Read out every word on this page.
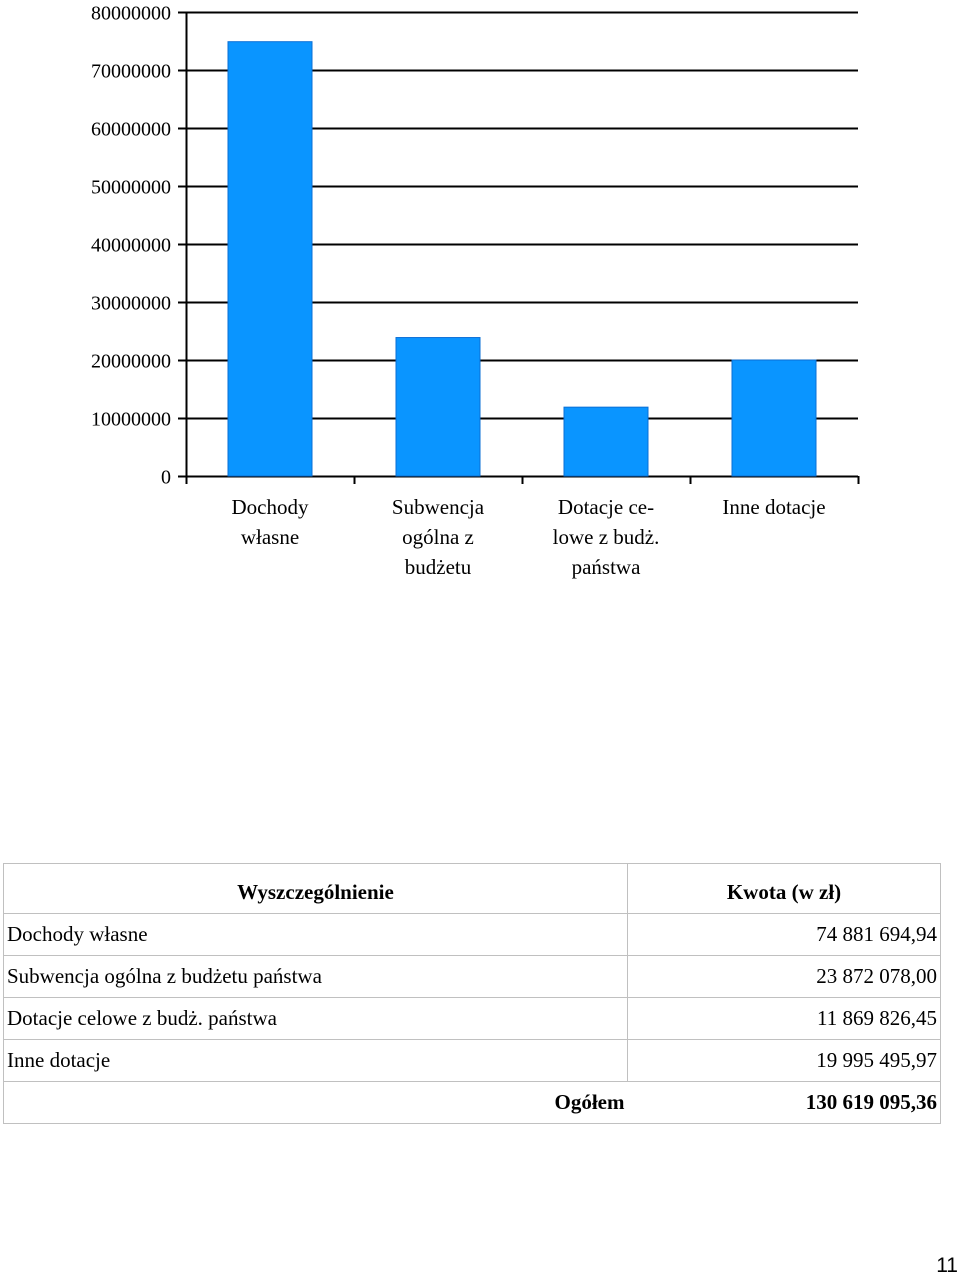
0
10000000
20000000
30000000
40000000
50000000
60000000
70000000
80000000
Dochody własne
Subwencja ogólna z budżetu
Dotacje ce-lowe z budż. państwa
Inne dotacje
Wyszczególnienie	Kwota (w zł)
Dochody własne	74 881 694,94
Subwencja ogólna z budżetu państwa	23 872 078,00
Dotacje celowe z budż. państwa	11 869 826,45
Inne dotacje	19 995 495,97
Ogółem	130 619 095,36
11
